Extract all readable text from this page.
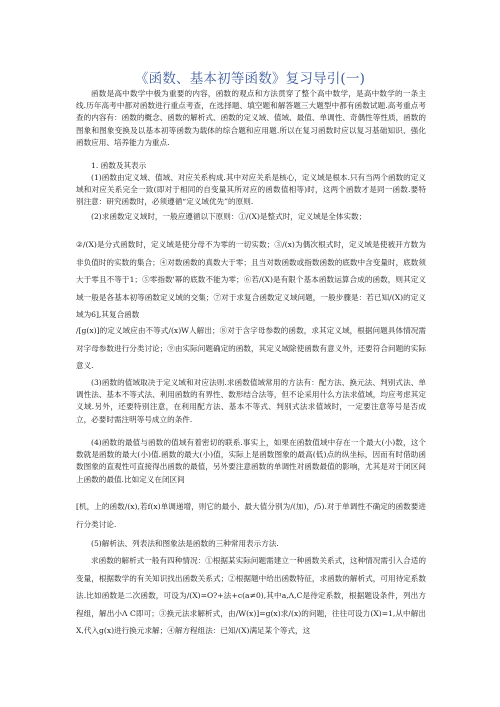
《函数、基本初等函数》复习导引(一)

函数是高中数学中极为重要的内容，函数的观点和方法贯穿了整个高中数学，是高中数学的一条主线.历年高考中都对函数进行重点考查，在选择题、填空题和解答题三大题型中都有函数试题.高考重点考查的内容有：函数的概念、函数的解析式、函数的定义域、值域、最值、单调性、奇偶性等性质，函数的图象和图象变换及以基本初等函数为载体的综合题和应用题.所以在复习函数时应以复习基础知识、强化函数应用、培养能力为重点.

1. 函数及其表示

(1)函数由定义域、值域、对应关系构成.其中对应关系是核心，定义域是根本.只有当两个函数的定义域和对应关系完全一致(即对于相同的自变量其所对应的函数值相等)时，这两个函数才是同一函数.要特别注意：研究函数时，必须遵循“定义域优先”的原则.

(2)求函数定义域时，一般应遵循以下原则：①/(X)是整式时，定义域是全体实数；

②/(X)是分式函数时，定义域是使分母不为零的一切实数；③/(x)为偶次根式时，定义域是使被开方数为非负值时的实数的集合；④对数函数的真数大于零；且当对数函数或指数函数的底数中含变量时，底数须大于零且不等于1；⑤零指数'幂的底数不能为零；⑥若/(X)是有限个基本函数运算合成的函数，则其定义域一般是各基本初等函数定义域的交集；⑦对于求复合函数定义域问题，一般步骤是：若已知/(X)的定义域为6],其复合函数

/[g(x)]的定义域应由不等式/(x)W人解出；⑧对于含字母参数的函数，求其定义域，根据问题具体情况需对字母参数进行分类讨论；⑨由实际问题确定的函数，其定义域除使函数有意义外，还要符合问题的实际意义.

(3)函数的值域取决于定义域和对应法则.求函数值域常用的方法有：配方法、换元法、判别式法、单调性法、基本不等式法、利用函数的有界性、数形结合法等，但不论采用什么方法求值域，均应考虑其定义域.另外，还要特别注意，在利用配方法、基本不等式、判别式法求值域时，一定要注意等号是否成立，必要时需注明等号成立的条件.

(4)函数的最值与函数的值域有着密切的联系.事实上，如果在函数值域中存在一个最大(小)数，这个数就是函数的最大(小)值.函数的最大(小)值，实际上是函数图象的最高(低)点的纵坐标，因而有时借助函数图象的直观性可直接得出函数的最值，另外要注意函数的单调性对函数最值的影响，尤其是对于闭区间上函数的最值.比如定义在闭区间

[机，上的函数/(x),若f(x)单调递增，则它的最小、最大值分别为/(加)，/5).对于单调性不确定的函数要进行分类讨论.

(5)解析法、列表法和图象法是函数的三种常用表示方法.

求函数的解析式一般有四种情况：①根据某实际问题需建立一种函数关系式，这种情况需引入合适的变量，根据数学的有关知识找出函数关系式；②根据题中给出函数特征，求函数的解析式，可用待定系数法.比如函数是二次函数，可设为/(X)=O?+法+c(a≠0),其中a,Λ,C是待定系数，根据题设条件，列出方程组，解出小Λ C即可；③换元法求解析式，由/W(x)]=g(x)求/(x)的问题，往往可设力(X)=1,从中解出X,代入g(x)进行换元求解；④解方程组法：已知/(X)满足某个等式，这
